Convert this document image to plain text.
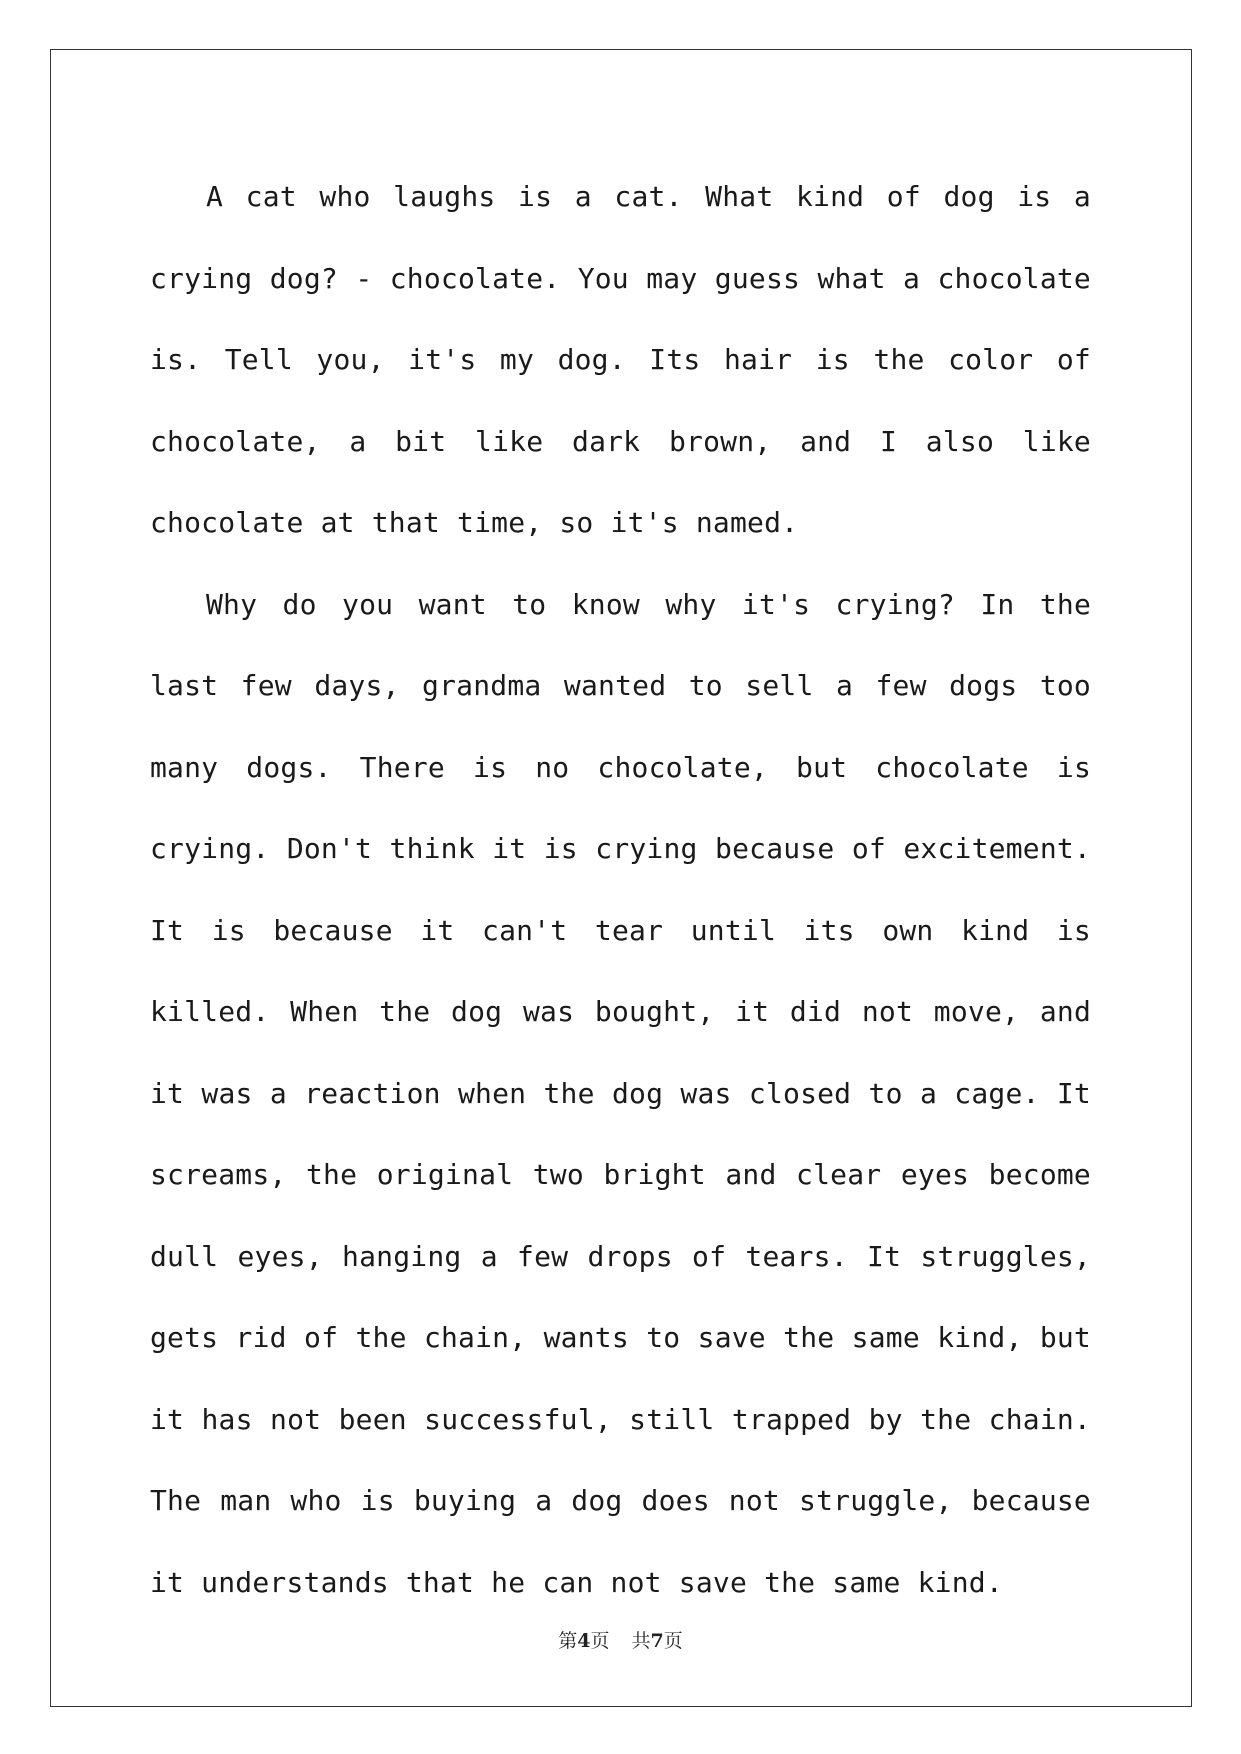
A cat who laughs is a cat. What kind of dog is a crying dog? - chocolate. You may guess what a chocolate is. Tell you, it's my dog. Its hair is the color of chocolate, a bit like dark brown, and I also like chocolate at that time, so it's named.

Why do you want to know why it's crying? In the last few days, grandma wanted to sell a few dogs too many dogs. There is no chocolate, but chocolate is crying. Don't think it is crying because of excitement. It is because it can't tear until its own kind is killed. When the dog was bought, it did not move, and it was a reaction when the dog was closed to a cage. It screams, the original two bright and clear eyes become dull eyes, hanging a few drops of tears. It struggles, gets rid of the chain, wants to save the same kind, but it has not been successful, still trapped by the chain. The man who is buying a dog does not struggle, because it understands that he can not save the same kind.

第4页 共7页
